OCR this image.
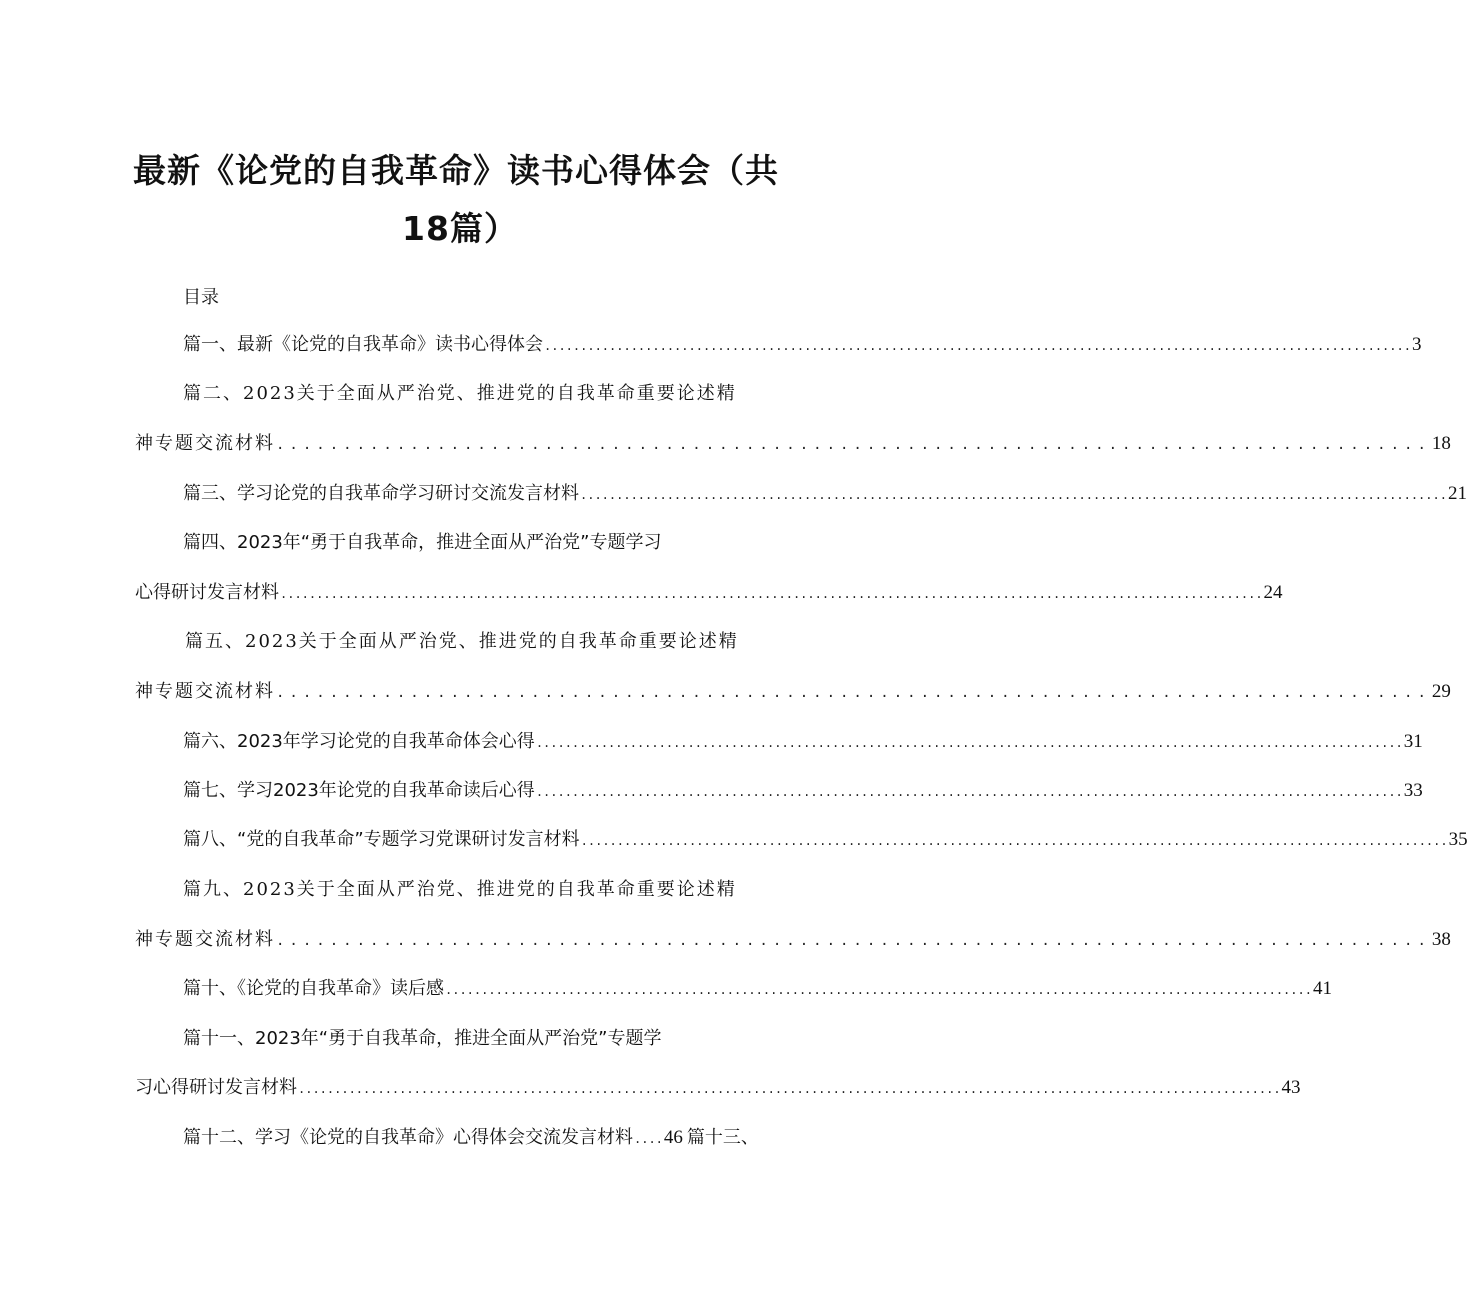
最新《论党的自我革命》读书心得体会（共
18篇）
目录
篇一、最新《论党的自我革命》读书心得体会 ........................................................................................................................ 3
篇二、2023关于全面从严治党、推进党的自我革命重要论述精
神专题交流材料 ...................................................................................... 18
篇三、学习论党的自我革命学习研讨交流发言材料 ........................................................................................................................ 21
篇四、2023年“勇于自我革命，推进全面从严治党”专题学习
心得研讨发言材料 ........................................................................................................................................ 24
篇五、2023关于全面从严治党、推进党的自我革命重要论述精
神专题交流材料 ...................................................................................... 29
篇六、2023年学习论党的自我革命体会心得 ........................................................................................................................ 31
篇七、学习2023年论党的自我革命读后心得 ........................................................................................................................ 33
篇八、“党的自我革命”专题学习党课研讨发言材料 ........................................................................................................................ 35
篇九、2023关于全面从严治党、推进党的自我革命重要论述精
神专题交流材料 ...................................................................................... 38
篇十、《论党的自我革命》读后感 ........................................................................................................................ 41
篇十一、2023年“勇于自我革命，推进全面从严治党”专题学
习心得研讨发言材料 ........................................................................................................................................ 43
篇十二、学习《论党的自我革命》心得体会交流发言材料 .... 46 篇十三、
